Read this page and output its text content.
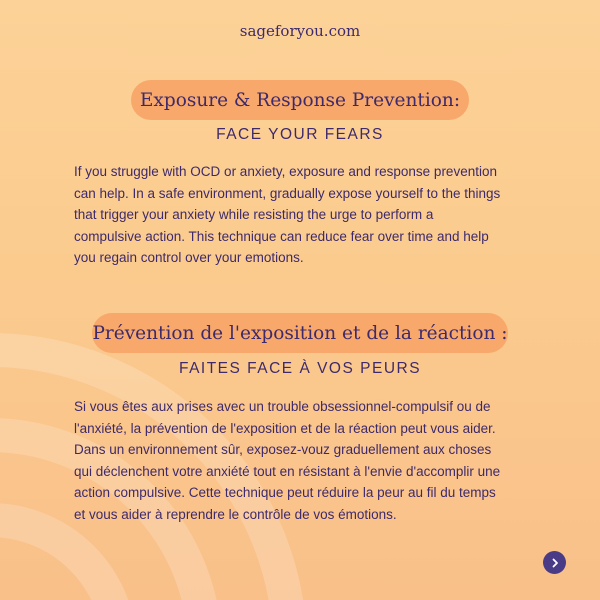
sageforyou.com
Exposure & Response Prevention:
FACE YOUR FEARS
If you struggle with OCD or anxiety, exposure and response prevention
can help. In a safe environment, gradually expose yourself to the things
that trigger your anxiety while resisting the urge to perform a
compulsive action. This technique can reduce fear over time and help
you regain control over your emotions.
Prévention de l'exposition et de la réaction :
FAITES FACE À VOS PEURS
Si vous êtes aux prises avec un trouble obsessionnel-compulsif ou de
l'anxiété, la prévention de l'exposition et de la réaction peut vous aider.
Dans un environnement sûr, exposez-vouz graduellement aux choses
qui déclenchent votre anxiété tout en résistant à l'envie d'accomplir une
action compulsive. Cette technique peut réduire la peur au fil du temps
et vous aider à reprendre le contrôle de vos émotions.
